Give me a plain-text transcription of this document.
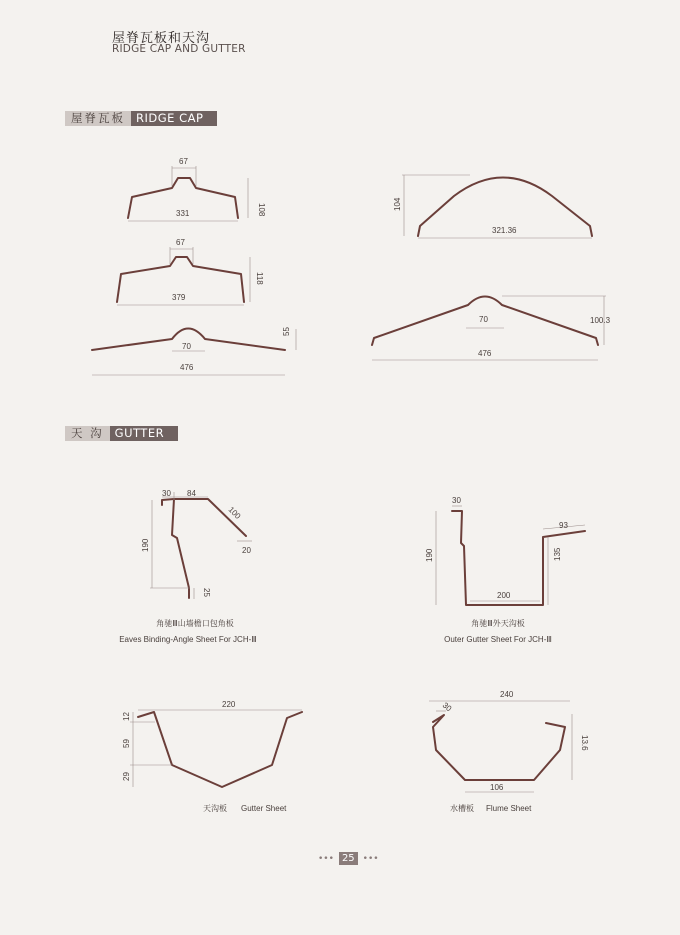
屋脊瓦板和天沟
RIDGE CAP AND GUTTER
屋脊瓦板 RIDGE CAP
天 沟 GUTTER
67
108
331
67
118
379
70
55
476
104
321.36
70	100.3
476
30 84
100
190	20
25
角驰Ⅲ山墙檐口包角板
Eaves Binding-Angle Sheet For JCH-Ⅲ
30
93
190	135
200
角驰Ⅲ外天沟板
Outer Gutter Sheet For JCH-Ⅲ
220
12
59
29
天沟板 Gutter Sheet
240
30
13.6
106
水槽板 Flume Sheet
••• 25 •••
